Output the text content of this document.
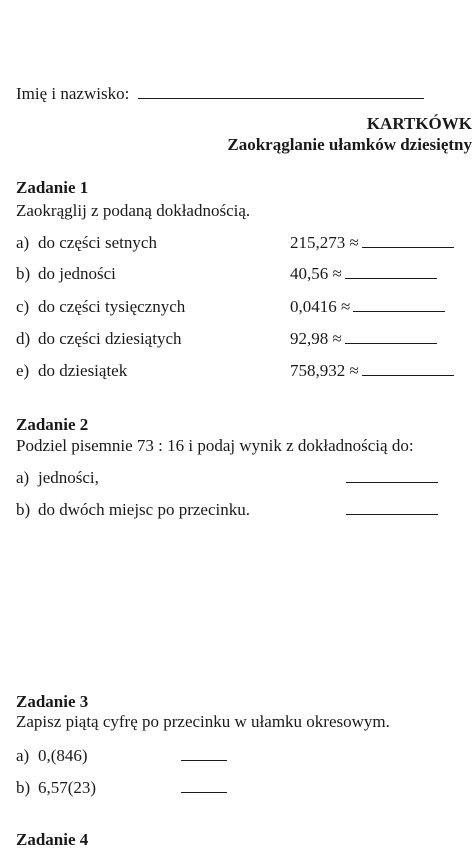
Imię i nazwisko:
KARTKÓWK
Zaokrąglanie ułamków dziesiętny
Zadanie 1
Zaokrąglij z podaną dokładnością.
a) do części setnych	215,273 ≈
b) do jedności	40,56 ≈
c) do części tysięcznych	0,0416 ≈
d) do części dziesiątych	92,98 ≈
e) do dziesiątek	758,932 ≈
Zadanie 2
Podziel pisemnie 73 : 16 i podaj wynik z dokładnością do:
a) jedności,
b) do dwóch miejsc po przecinku.
Zadanie 3
Zapisz piątą cyfrę po przecinku w ułamku okresowym.
a) 0,(846)
b) 6,57(23)
Zadanie 4
